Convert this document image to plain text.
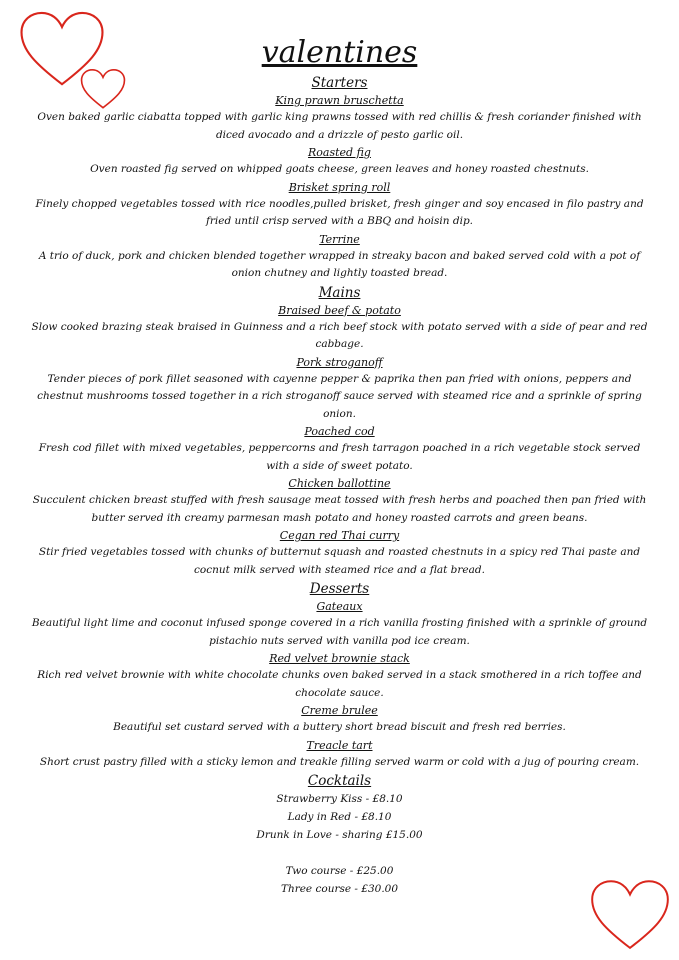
valentines
Starters
King prawn bruschetta
Oven baked garlic ciabatta topped with garlic king prawns tossed with red chillis & fresh coriander finished with diced avocado and a drizzle of pesto garlic oil.
Roasted fig
Oven roasted fig served on whipped goats cheese, green leaves and honey roasted chestnuts.
Brisket spring roll
Finely chopped vegetables tossed with rice noodles,pulled brisket, fresh ginger and soy encased in filo pastry and fried until crisp served with a BBQ and hoisin dip.
Terrine
A trio of duck, pork and chicken blended together wrapped in streaky bacon and baked served cold with a pot of onion chutney and lightly toasted bread.
Mains
Braised beef & potato
Slow cooked brazing steak braised in Guinness and a rich beef stock with potato served with a side of pear and red cabbage.
Pork stroganoff
Tender pieces of pork fillet seasoned with cayenne pepper & paprika then pan fried with onions, peppers and chestnut mushrooms tossed together in a rich stroganoff sauce served with steamed rice and a sprinkle of spring onion.
Poached cod
Fresh cod fillet with mixed vegetables, peppercorns and fresh tarragon poached in a rich vegetable stock served with a side of sweet potato.
Chicken ballottine
Succulent chicken breast stuffed with fresh sausage meat tossed with fresh herbs and poached then pan fried with butter served ith creamy parmesan mash potato and honey roasted carrots and green beans.
Cegan red Thai curry
Stir fried vegetables tossed with chunks of butternut squash and roasted chestnuts in a spicy red Thai paste and cocnut milk served with steamed rice and a flat bread.
Desserts
Gateaux
Beautiful light lime and coconut infused sponge covered in a rich vanilla frosting finished with a sprinkle of ground pistachio nuts served with vanilla pod ice cream.
Red velvet brownie stack
Rich red velvet brownie with white chocolate chunks oven baked served in a stack smothered in a rich toffee and chocolate sauce.
Creme brulee
Beautiful set custard served with a buttery short bread biscuit and fresh red berries.
Treacle tart
Short crust pastry filled with a sticky lemon and treakle filling served warm or cold with a jug of pouring cream.
Cocktails
Strawberry Kiss - £8.10
Lady in Red - £8.10
Drunk in Love - sharing £15.00
Two course - £25.00
Three course - £30.00
